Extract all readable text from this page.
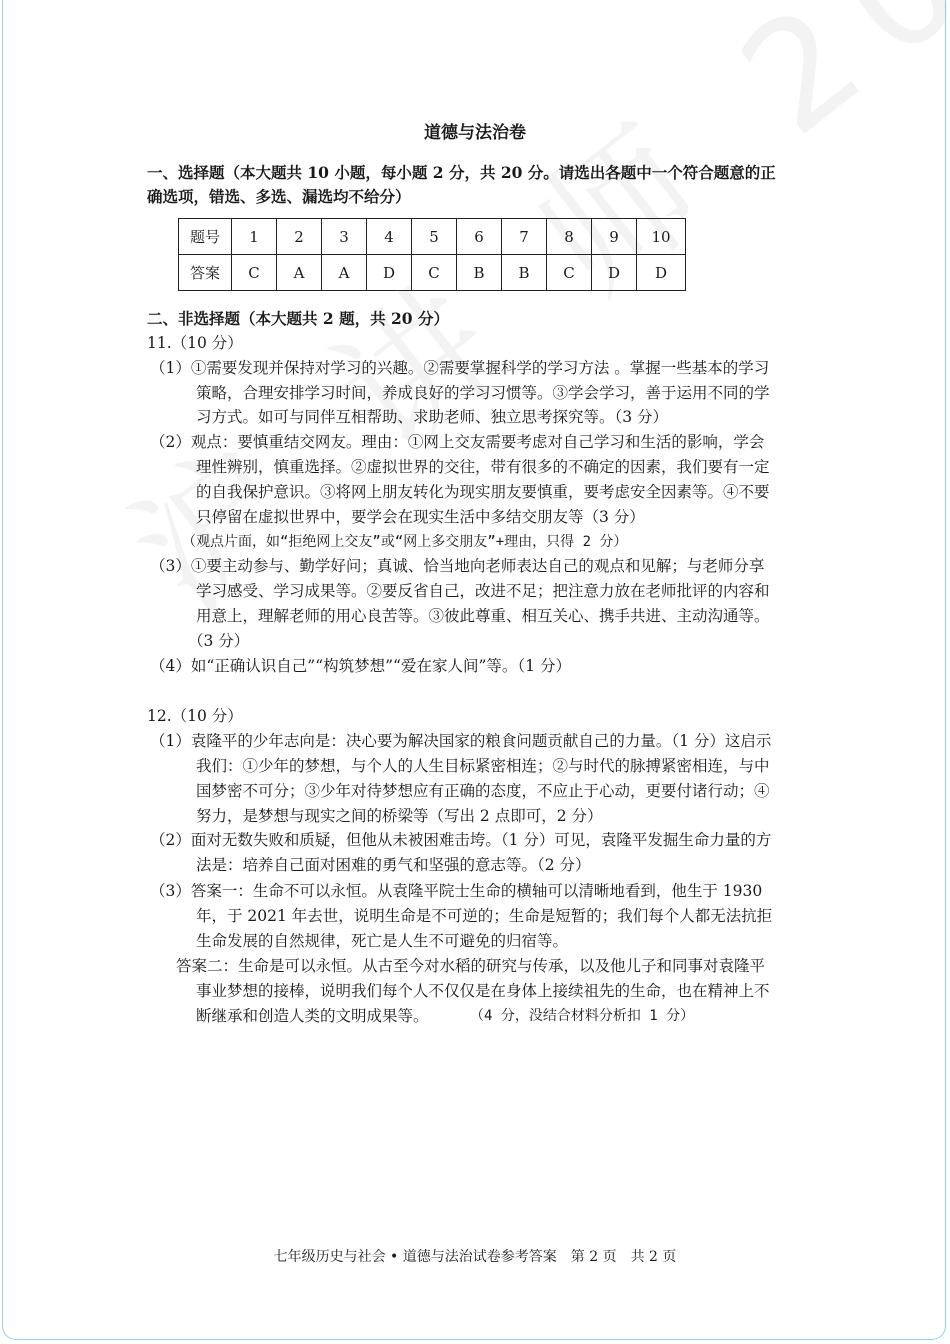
道德与法治卷
一、选择题（本大题共 10 小题，每小题 2 分，共 20 分。请选出各题中一个符合题意的正
确选项，错选、多选、漏选均不给分）
题号	1	2	3	4	5	6	7	8	9	10
答案	C	A	A	D	C	B	B	C	D	D
二、非选择题（本大题共 2 题，共 20 分）
11.（10 分）
（1）①需要发现并保持对学习的兴趣。②需要掌握科学的学习方法 。掌握一些基本的学习
策略，合理安排学习时间，养成良好的学习习惯等。③学会学习，善于运用不同的学
习方式。如可与同伴互相帮助、求助老师、独立思考探究等。（3 分）
（2）观点：要慎重结交网友。理由：①网上交友需要考虑对自己学习和生活的影响，学会
理性辨别，慎重选择。②虚拟世界的交往，带有很多的不确定的因素，我们要有一定
的自我保护意识。③将网上朋友转化为现实朋友要慎重，要考虑安全因素等。④不要
只停留在虚拟世界中，要学会在现实生活中多结交朋友等（3 分）
（观点片面，如“拒绝网上交友”或“网上多交朋友”+理由，只得 2 分）
（3）①要主动参与、勤学好问；真诚、恰当地向老师表达自己的观点和见解；与老师分享
学习感受、学习成果等。②要反省自己，改进不足；把注意力放在老师批评的内容和
用意上，理解老师的用心良苦等。③彼此尊重、相互关心、携手共进、主动沟通等。
（3 分）
（4）如“正确认识自己”“构筑梦想”“爱在家人间”等。（1 分）
12.（10 分）
（1）袁隆平的少年志向是：决心要为解决国家的粮食问题贡献自己的力量。（1 分）这启示
我们：①少年的梦想，与个人的人生目标紧密相连；②与时代的脉搏紧密相连，与中
国梦密不可分；③少年对待梦想应有正确的态度，不应止于心动，更要付诸行动；④
努力，是梦想与现实之间的桥梁等（写出 2 点即可，2 分）
（2）面对无数失败和质疑，但他从未被困难击垮。（1 分）可见，袁隆平发掘生命力量的方
法是：培养自己面对困难的勇气和坚强的意志等。（2 分）
（3）答案一：生命不可以永恒。从袁隆平院士生命的横轴可以清晰地看到，他生于 1930
年，于 2021 年去世，说明生命是不可逆的；生命是短暂的；我们每个人都无法抗拒
生命发展的自然规律，死亡是人生不可避免的归宿等。
答案二：生命是可以永恒。从古至今对水稻的研究与传承，以及他儿子和同事对袁隆平
事业梦想的接棒，说明我们每个人不仅仅是在身体上接续祖先的生命，也在精神上不
断继承和创造人类的文明成果等。	（4 分，没结合材料分析扣 1 分）
七年级历史与社会 • 道德与法治试卷参考答案　第 2 页　共 2 页
